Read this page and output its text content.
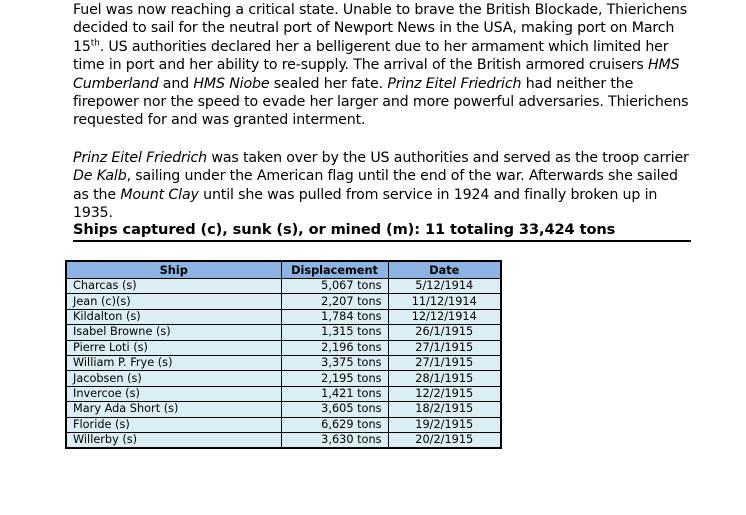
Fuel was now reaching a critical state. Unable to brave the British Blockade, Thierichens decided to sail for the neutral port of Newport News in the USA, making port on March 15th. US authorities declared her a belligerent due to her armament which limited her time in port and her ability to re-supply. The arrival of the British armored cruisers HMS Cumberland and HMS Niobe sealed her fate. Prinz Eitel Friedrich had neither the firepower nor the speed to evade her larger and more powerful adversaries. Thierichens requested for and was granted interment.

Prinz Eitel Friedrich was taken over by the US authorities and served as the troop carrier De Kalb, sailing under the American flag until the end of the war. Afterwards she sailed as the Mount Clay until she was pulled from service in 1924 and finally broken up in 1935.

Ships captured (c), sunk (s), or mined (m): 11 totaling 33,424 tons
Ship	Displacement	Date
Charcas (s)	5,067 tons	5/12/1914
Jean (c)(s)	2,207 tons	11/12/1914
Kildalton (s)	1,784 tons	12/12/1914
Isabel Browne (s)	1,315 tons	26/1/1915
Pierre Loti (s)	2,196 tons	27/1/1915
William P. Frye (s)	3,375 tons	27/1/1915
Jacobsen (s)	2,195 tons	28/1/1915
Invercoe (s)	1,421 tons	12/2/1915
Mary Ada Short (s)	3,605 tons	18/2/1915
Floride (s)	6,629 tons	19/2/1915
Willerby (s)	3,630 tons	20/2/1915
